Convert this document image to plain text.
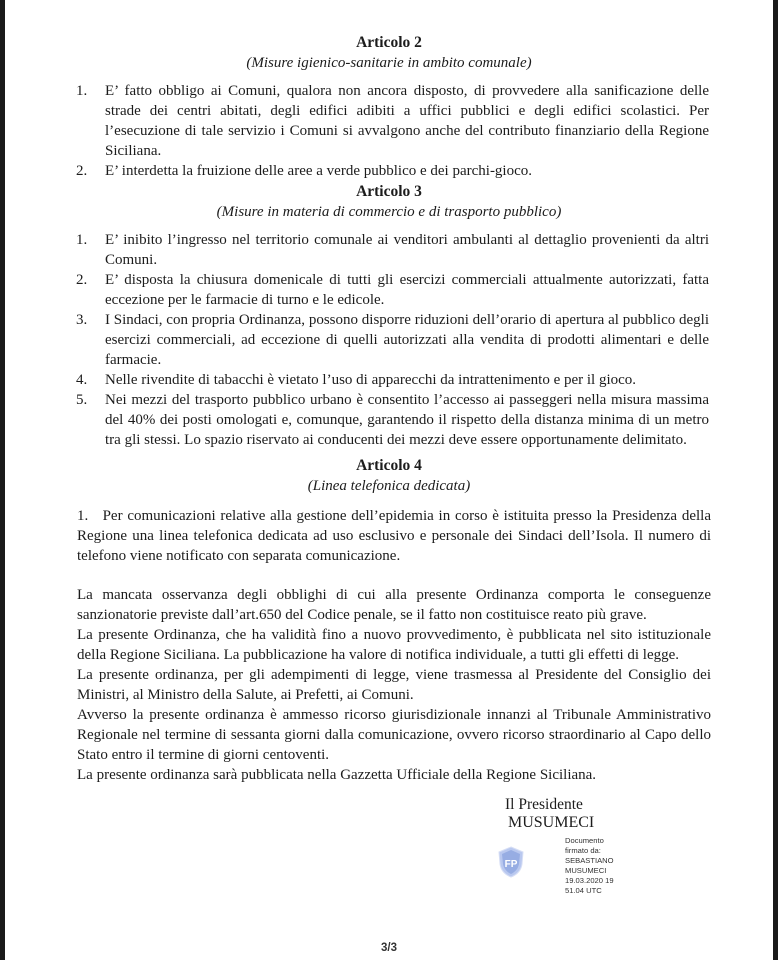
Articolo 2
(Misure igienico-sanitarie in ambito comunale)
1. E’ fatto obbligo ai Comuni, qualora non ancora disposto, di provvedere alla sanificazione delle strade dei centri abitati, degli edifici adibiti a uffici pubblici e degli edifici scolastici. Per l’esecuzione di tale servizio i Comuni si avvalgono anche del contributo finanziario della Regione Siciliana.
2. E’ interdetta la fruizione delle aree a verde pubblico e dei parchi-gioco.
Articolo 3
(Misure in materia di commercio e di trasporto pubblico)
1. E’ inibito l’ingresso nel territorio comunale ai venditori ambulanti al dettaglio provenienti da altri Comuni.
2. E’ disposta la chiusura domenicale di tutti gli esercizi commerciali attualmente autorizzati, fatta eccezione per le farmacie di turno e le edicole.
3. I Sindaci, con propria Ordinanza, possono disporre riduzioni dell’orario di apertura al pubblico degli esercizi commerciali, ad eccezione di quelli autorizzati alla vendita di prodotti alimentari e delle farmacie.
4. Nelle rivendite di tabacchi è vietato l’uso di apparecchi da intrattenimento e per il gioco.
5. Nei mezzi del trasporto pubblico urbano è consentito l’accesso ai passeggeri nella misura massima del 40% dei posti omologati e, comunque, garantendo il rispetto della distanza minima di un metro tra gli stessi. Lo spazio riservato ai conducenti dei mezzi deve essere opportunamente delimitato.
Articolo 4
(Linea telefonica dedicata)

1. Per comunicazioni relative alla gestione dell’epidemia in corso è istituita presso la Presidenza della Regione una linea telefonica dedicata ad uso esclusivo e personale dei Sindaci dell’Isola. Il numero di telefono viene notificato con separata comunicazione.

La mancata osservanza degli obblighi di cui alla presente Ordinanza comporta le conseguenze sanzionatorie previste dall’art.650 del Codice penale, se il fatto non costituisce reato più grave.

La presente Ordinanza, che ha validità fino a nuovo provvedimento, è pubblicata nel sito istituzionale della Regione Siciliana. La pubblicazione ha valore di notifica individuale, a tutti gli effetti di legge.

La presente ordinanza, per gli adempimenti di legge, viene trasmessa al Presidente del Consiglio dei Ministri, al Ministro della Salute, ai Prefetti, ai Comuni.

Avverso la presente ordinanza è ammesso ricorso giurisdizionale innanzi al Tribunale Amministrativo Regionale nel termine di sessanta giorni dalla comunicazione, ovvero ricorso straordinario al Capo dello Stato entro il termine di giorni centoventi.

La presente ordinanza sarà pubblicata nella Gazzetta Ufficiale della Regione Siciliana.

Il Presidente
MUSUMECI
FP
Documento
firmato da:
SEBASTIANO
MUSUMECI
19.03.2020 19
51.04 UTC
3/3
